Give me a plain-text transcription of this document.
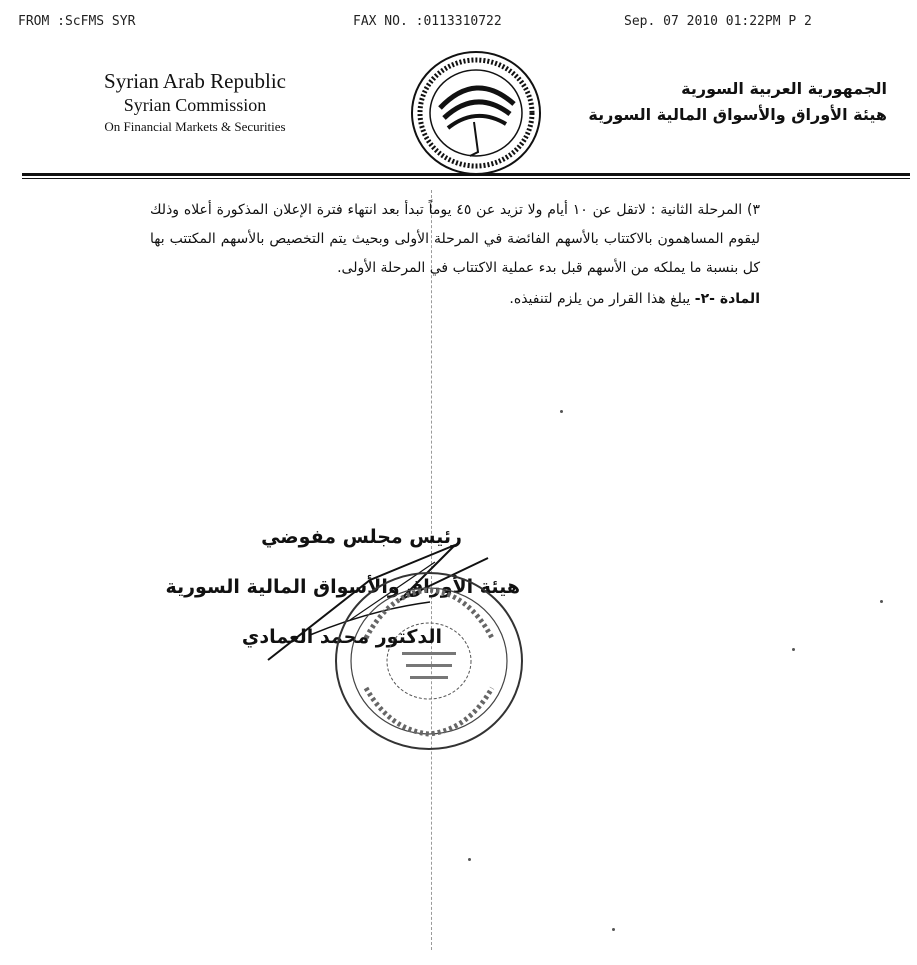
FROM :ScFMS SYR	FAX NO. :0113310722	Sep. 07 2010 01:22PM P 2
Syrian Arab Republic
Syrian Commission
On Financial Markets & Securities
الجمهورية العربية السورية
هيئة الأوراق والأسواق المالية السورية

٣) المرحلة الثانية : لاتقل عن ١٠ أيام ولا تزيد عن ٤٥ يوماً تبدأ بعد انتهاء فترة الإعلان المذكورة أعلاه وذلك ليقوم المساهمون بالاكتتاب بالأسهم الفائضة في المرحلة الأولى وبحيث يتم التخصيص بالأسهم المكتتب بها كل بنسبة ما يملكه من الأسهم قبل بدء عملية الاكتتاب في المرحلة الأولى.

المادة -٢- يبلغ هذا القرار من يلزم لتنفيذه.

رئيس مجلس مفوضي

هيئة الأوراق والأسواق المالية السورية

الدكتور محمد العمادي
